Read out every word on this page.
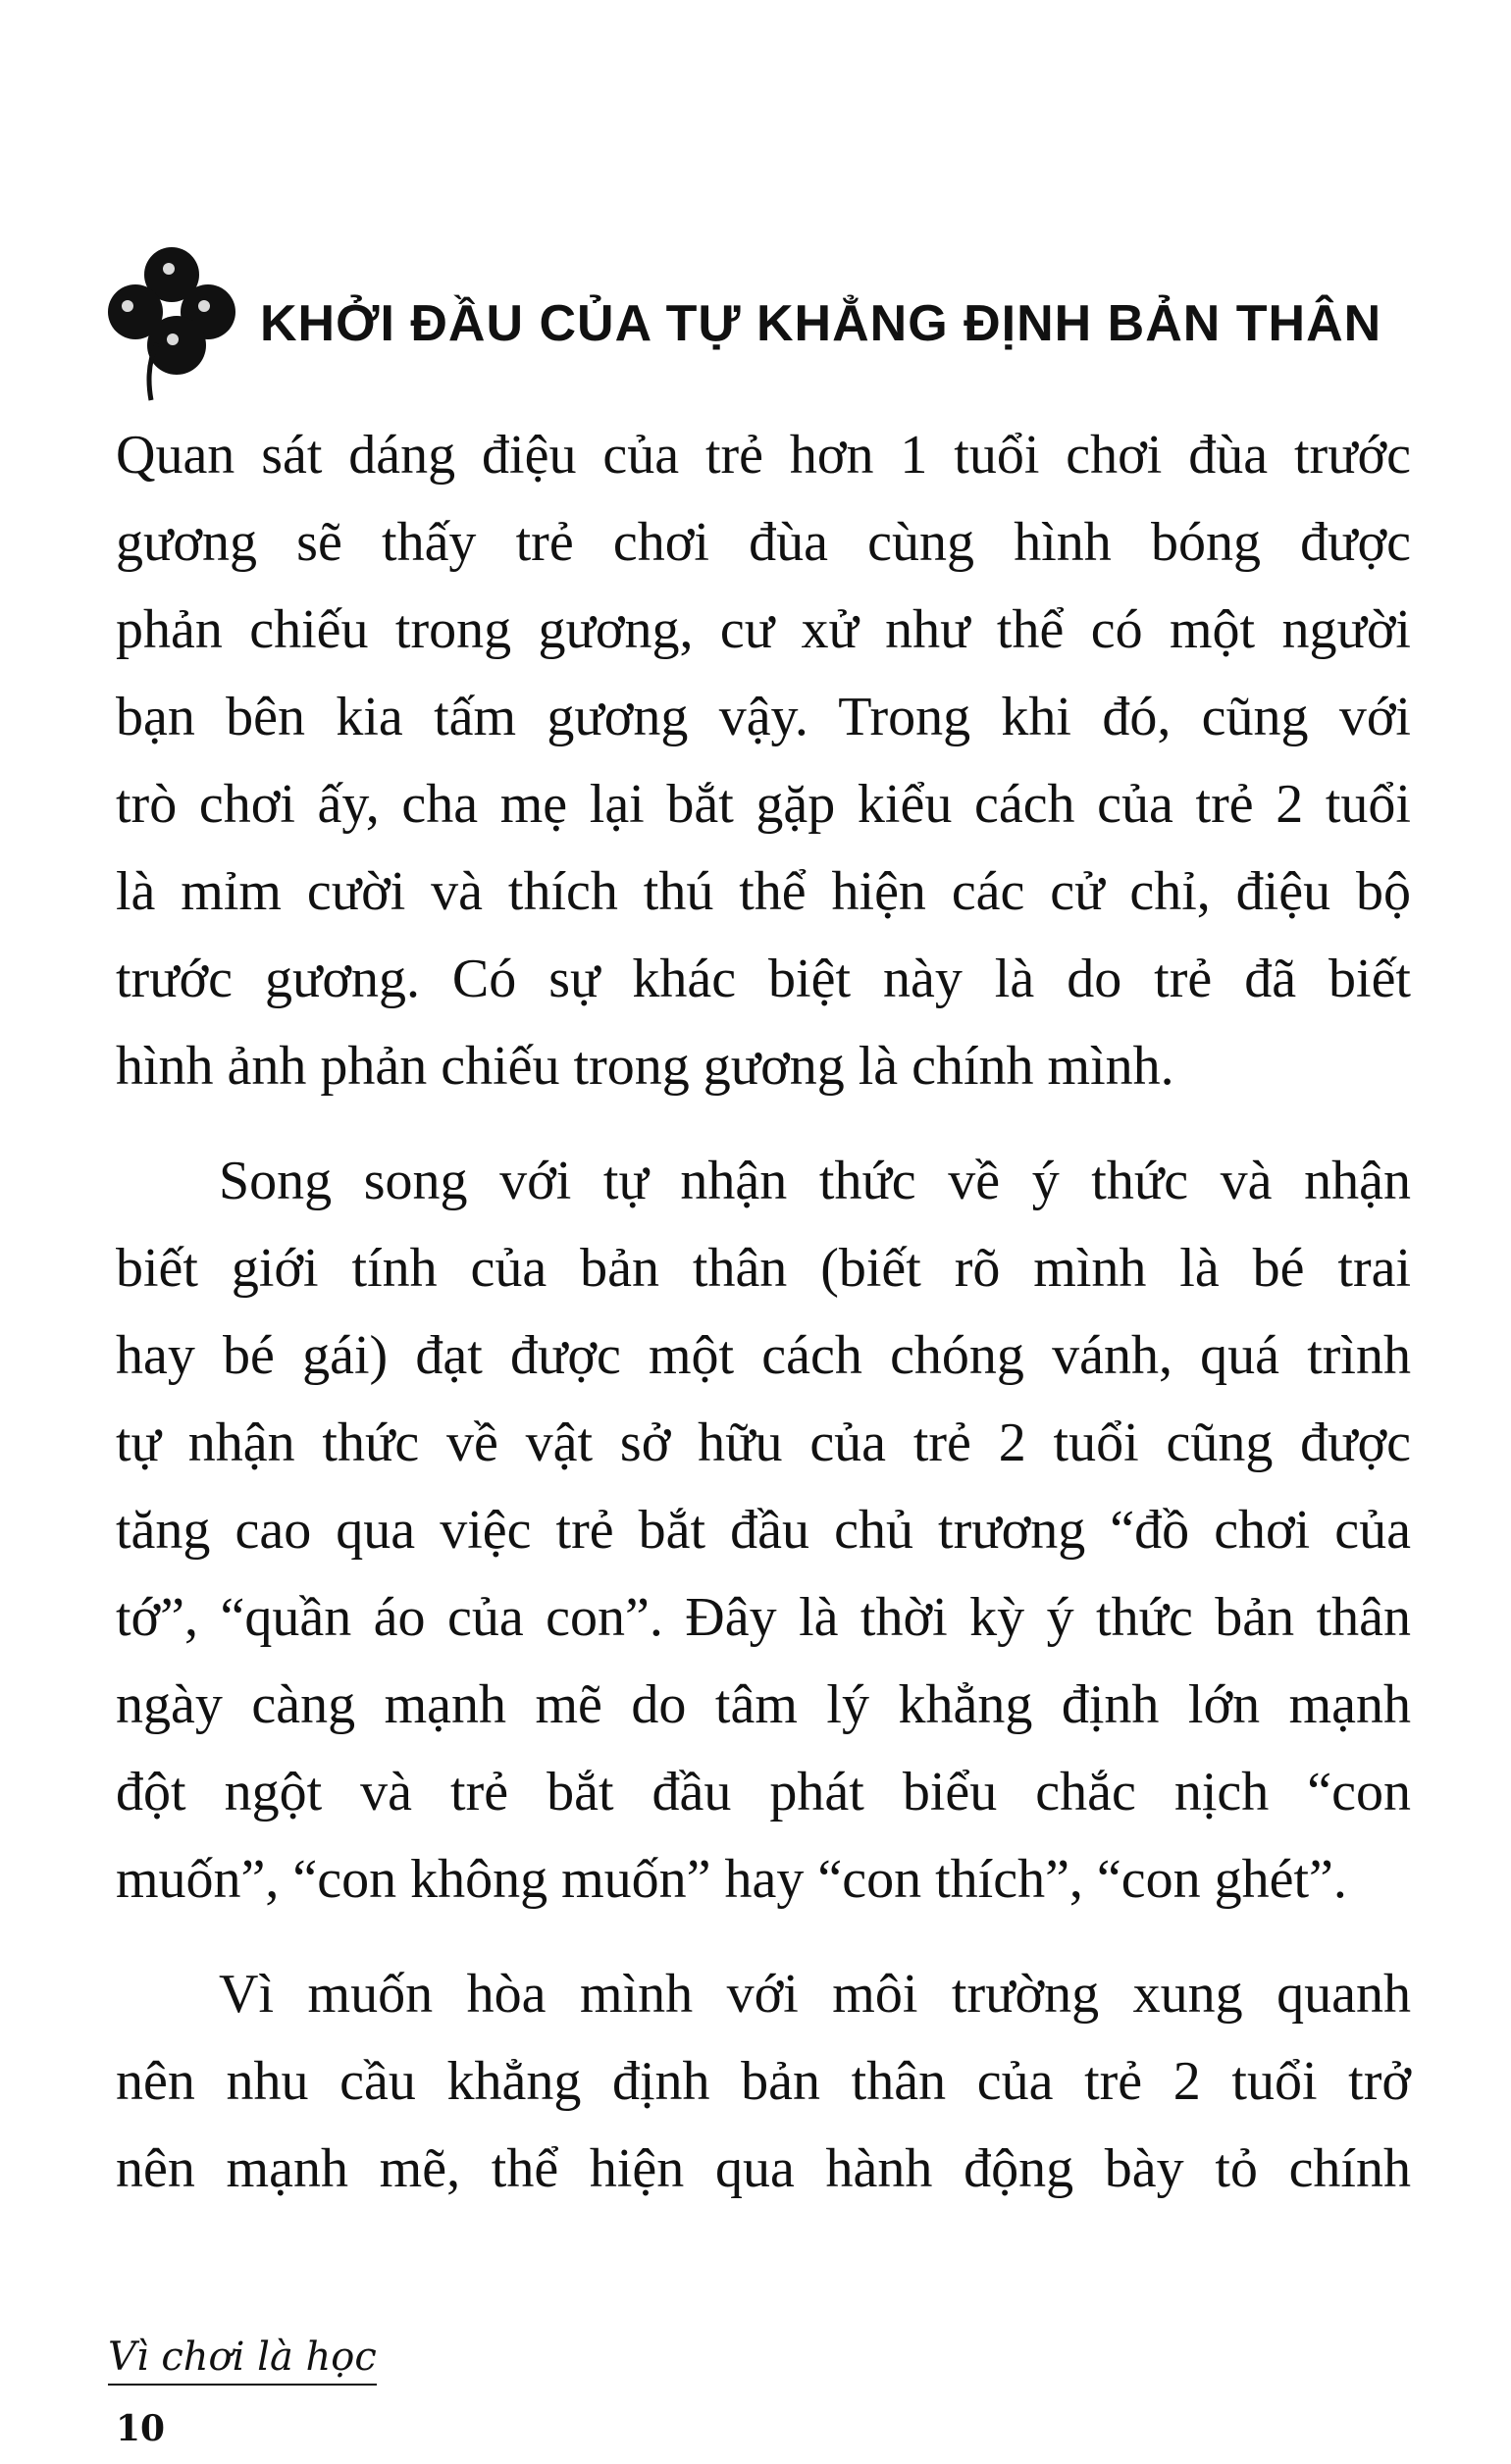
KHỞI ĐẦU CỦA TỰ KHẲNG ĐỊNH BẢN THÂN
Quan sát dáng điệu của trẻ hơn 1 tuổi chơi đùa trước
gương sẽ thấy trẻ chơi đùa cùng hình bóng được
phản chiếu trong gương, cư xử như thể có một người
bạn bên kia tấm gương vậy. Trong khi đó, cũng với
trò chơi ấy, cha mẹ lại bắt gặp kiểu cách của trẻ 2 tuổi
là mỉm cười và thích thú thể hiện các cử chỉ, điệu bộ
trước gương. Có sự khác biệt này là do trẻ đã biết
hình ảnh phản chiếu trong gương là chính mình.
Song song với tự nhận thức về ý thức và nhận
biết giới tính của bản thân (biết rõ mình là bé trai
hay bé gái) đạt được một cách chóng vánh, quá trình
tự nhận thức về vật sở hữu của trẻ 2 tuổi cũng được
tăng cao qua việc trẻ bắt đầu chủ trương “đồ chơi của
tớ”, “quần áo của con”. Đây là thời kỳ ý thức bản thân
ngày càng mạnh mẽ do tâm lý khẳng định lớn mạnh
đột ngột và trẻ bắt đầu phát biểu chắc nịch “con
muốn”, “con không muốn” hay “con thích”, “con ghét”.
Vì muốn hòa mình với môi trường xung quanh
nên nhu cầu khẳng định bản thân của trẻ 2 tuổi trở
nên mạnh mẽ, thể hiện qua hành động bày tỏ chính
Vì chơi là học
10
